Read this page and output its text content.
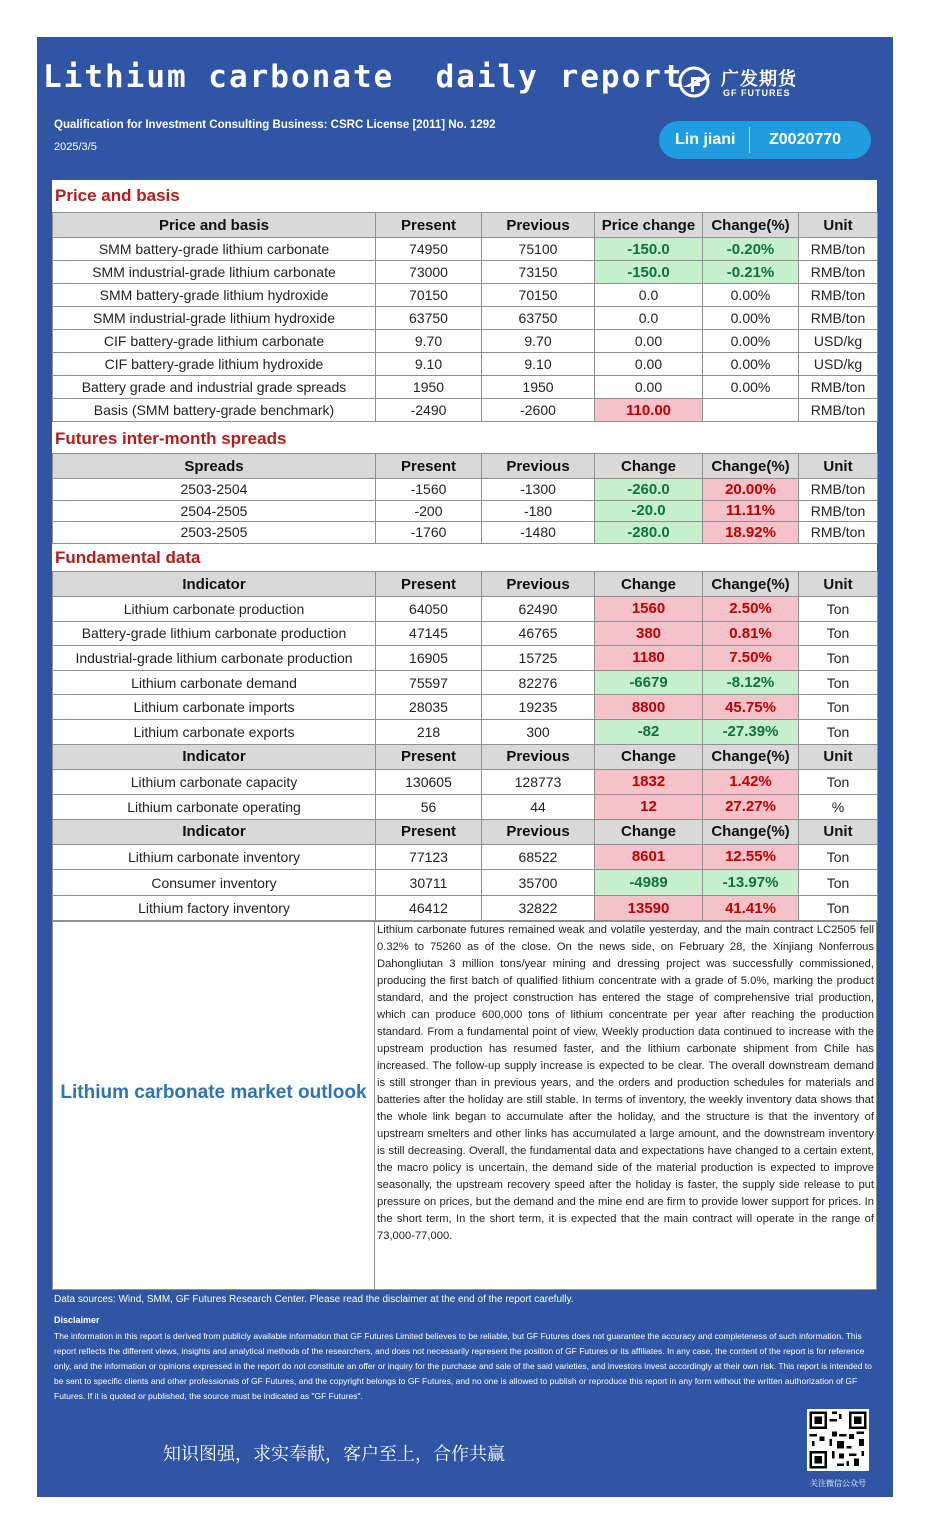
Lithium carbonate  daily report 广发期货
GF FUTURES
Qualification for Investment Consulting Business: CSRC License [2011] No. 1292
2025/3/5	Lin jiani Z0020770
Price and basis
Price and basis	Present	Previous	Price change	Change(%)	Unit
SMM battery-grade lithium carbonate	74950	75100	-150.0	-0.20%	RMB/ton
SMM industrial-grade lithium carbonate	73000	73150	-150.0	-0.21%	RMB/ton
SMM battery-grade lithium hydroxide	70150	70150	0.0	0.00%	RMB/ton
SMM industrial-grade lithium hydroxide	63750	63750	0.0	0.00%	RMB/ton
CIF battery-grade lithium carbonate	9.70	9.70	0.00	0.00%	USD/kg
CIF battery-grade lithium hydroxide	9.10	9.10	0.00	0.00%	USD/kg
Battery grade and industrial grade spreads	1950	1950	0.00	0.00%	RMB/ton
Basis (SMM battery-grade benchmark)	-2490	-2600	110.00		RMB/ton
Futures inter-month spreads
Spreads	Present	Previous	Change	Change(%)	Unit
2503-2504	-1560	-1300	-260.0	20.00%	RMB/ton
2504-2505	-200	-180	-20.0	11.11%	RMB/ton
2503-2505	-1760	-1480	-280.0	18.92%	RMB/ton
Fundamental data
Indicator	Present	Previous	Change	Change(%)	Unit
Lithium carbonate production	64050	62490	1560	2.50%	Ton
Battery-grade lithium carbonate production	47145	46765	380	0.81%	Ton
Industrial-grade lithium carbonate production	16905	15725	1180	7.50%	Ton
Lithium carbonate demand	75597	82276	-6679	-8.12%	Ton
Lithium carbonate imports	28035	19235	8800	45.75%	Ton
Lithium carbonate exports	218	300	-82	-27.39%	Ton
Indicator	Present	Previous	Change	Change(%)	Unit
Lithium carbonate capacity	130605	128773	1832	1.42%	Ton
Lithium carbonate operating	56	44	12	27.27%	%
Indicator	Present	Previous	Change	Change(%)	Unit
Lithium carbonate inventory	77123	68522	8601	12.55%	Ton
Consumer inventory	30711	35700	-4989	-13.97%	Ton
Lithium factory inventory	46412	32822	13590	41.41%	Ton
Lithium carbonate market outlook
Lithium carbonate futures remained weak and volatile yesterday, and the main contract LC2505 fell 0.32% to 75260 as of the close. On the news side, on February 28, the Xinjiang Nonferrous Dahongliutan 3 million tons/year mining and dressing project was successfully commissioned, producing the first batch of qualified lithium concentrate with a grade of 5.0%, marking the product standard, and the project construction has entered the stage of comprehensive trial production, which can produce 600,000 tons of lithium concentrate per year after reaching the production standard. From a fundamental point of view, Weekly production data continued to increase with the upstream production has resumed faster, and the lithium carbonate shipment from Chile has increased. The follow-up supply increase is expected to be clear. The overall downstream demand is still stronger than in previous years, and the orders and production schedules for materials and batteries after the holiday are still stable. In terms of inventory, the weekly inventory data shows that the whole link began to accumulate after the holiday, and the structure is that the inventory of upstream smelters and other links has accumulated a large amount, and the downstream inventory is still decreasing. Overall, the fundamental data and expectations have changed to a certain extent, the macro policy is uncertain, the demand side of the material production is expected to improve seasonally, the upstream recovery speed after the holiday is faster, the supply side release to put pressure on prices, but the demand and the mine end are firm to provide lower support for prices. In the short term, In the short term, it is expected that the main contract will operate in the range of 73,000-77,000.
Data sources: Wind, SMM, GF Futures Research Center. Please read the disclaimer at the end of the report carefully.
Disclaimer
The information in this report is derived from publicly available information that GF Futures Limited believes to be reliable, but GF Futures does not guarantee the accuracy and completeness of such information. This report reflects the different views, insights and analytical methods of the researchers, and does not necessarily represent the position of GF Futures or its affiliates. In any case, the content of the report is for reference only, and the information or opinions expressed in the report do not constitute an offer or inquiry for the purchase and sale of the said varieties, and investors invest accordingly at their own risk. This report is intended to be sent to specific clients and other professionals of GF Futures, and the copyright belongs to GF Futures, and no one is allowed to publish or reproduce this report in any form without the written authorization of GF Futures. If it is quoted or published, the source must be indicated as "GF Futures".
知识图强，求实奉献，客户至上，合作共赢
关注微信公众号
